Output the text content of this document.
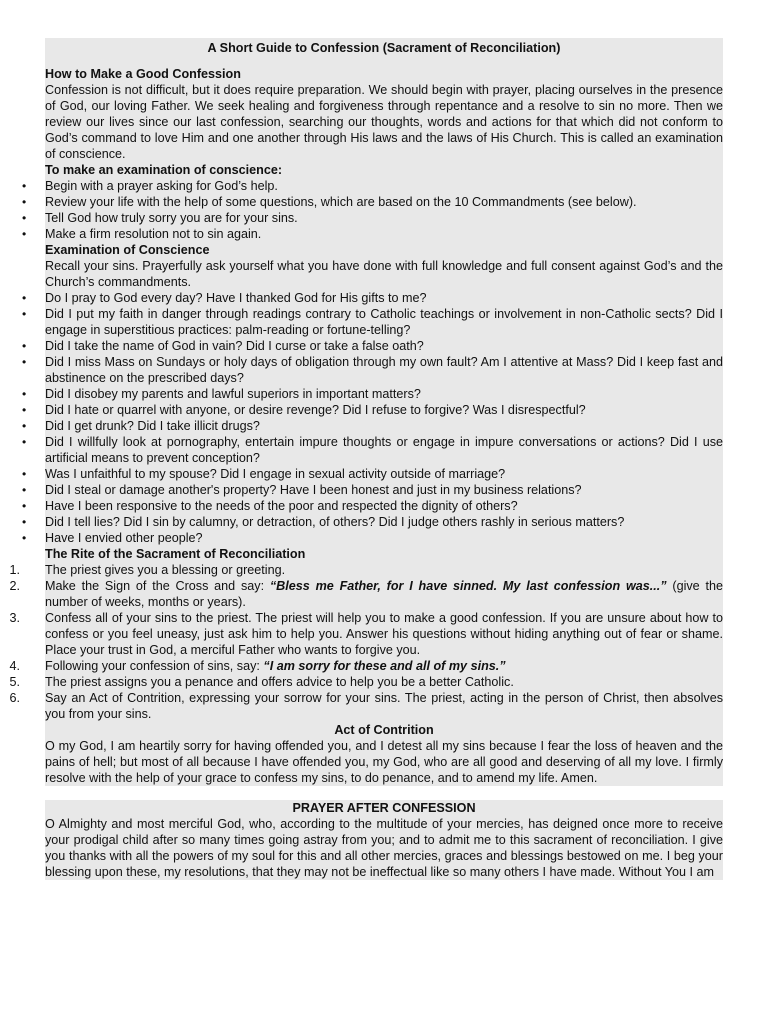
A Short Guide to Confession (Sacrament of Reconciliation)
How to Make a Good Confession
Confession is not difficult, but it does require preparation. We should begin with prayer, placing ourselves in the presence of God, our loving Father. We seek healing and forgiveness through repentance and a resolve to sin no more. Then we review our lives since our last confession, searching our thoughts, words and actions for that which did not conform to God’s command to love Him and one another through His laws and the laws of His Church. This is called an examination of conscience.
To make an examination of conscience:
•	Begin with a prayer asking for God’s help.
•	Review your life with the help of some questions, which are based on the 10 Commandments (see below).
•	Tell God how truly sorry you are for your sins.
•	Make a firm resolution not to sin again.
Examination of Conscience
Recall your sins. Prayerfully ask yourself what you have done with full knowledge and full consent against God’s and the Church’s commandments.
•	Do I pray to God every day? Have I thanked God for His gifts to me?
•	Did I put my faith in danger through readings contrary to Catholic teachings or involvement in non-Catholic sects? Did I engage in superstitious practices: palm-reading or fortune-telling?
•	Did I take the name of God in vain? Did I curse or take a false oath?
•	Did I miss Mass on Sundays or holy days of obligation through my own fault? Am I attentive at Mass? Did I keep fast and abstinence on the prescribed days?
•	Did I disobey my parents and lawful superiors in important matters?
•	Did I hate or quarrel with anyone, or desire revenge? Did I refuse to forgive? Was I disrespectful?
•	Did I get drunk? Did I take illicit drugs?
•	Did I willfully look at pornography, entertain impure thoughts or engage in impure conversations or actions? Did I use artificial means to prevent conception?
•	Was I unfaithful to my spouse? Did I engage in sexual activity outside of marriage?
•	Did I steal or damage another's property? Have I been honest and just in my business relations?
•	Have I been responsive to the needs of the poor and respected the dignity of others?
•	Did I tell lies? Did I sin by calumny, or detraction, of others? Did I judge others rashly in serious matters?
•	Have I envied other people?
The Rite of the Sacrament of Reconciliation
1. The priest gives you a blessing or greeting.
2. Make the Sign of the Cross and say: “Bless me Father, for I have sinned. My last confession was...” (give the number of weeks, months or years).
3. Confess all of your sins to the priest. The priest will help you to make a good confession. If you are unsure about how to confess or you feel uneasy, just ask him to help you. Answer his questions without hiding anything out of fear or shame. Place your trust in God, a merciful Father who wants to forgive you.
4. Following your confession of sins, say: “I am sorry for these and all of my sins.”
5. The priest assigns you a penance and offers advice to help you be a better Catholic.
6. Say an Act of Contrition, expressing your sorrow for your sins. The priest, acting in the person of Christ, then absolves you from your sins.
Act of Contrition
O my God, I am heartily sorry for having offended you, and I detest all my sins because I fear the loss of heaven and the pains of hell; but most of all because I have offended you, my God, who are all good and deserving of all my love. I firmly resolve with the help of your grace to confess my sins, to do penance, and to amend my life. Amen.
PRAYER AFTER CONFESSION
O Almighty and most merciful God, who, according to the multitude of your mercies, has deigned once more to receive your prodigal child after so many times going astray from you; and to admit me to this sacrament of reconciliation. I give you thanks with all the powers of my soul for this and all other mercies, graces and blessings bestowed on me. I beg your blessing upon these, my resolutions, that they may not be ineffectual like so many others I have made. Without You I am
